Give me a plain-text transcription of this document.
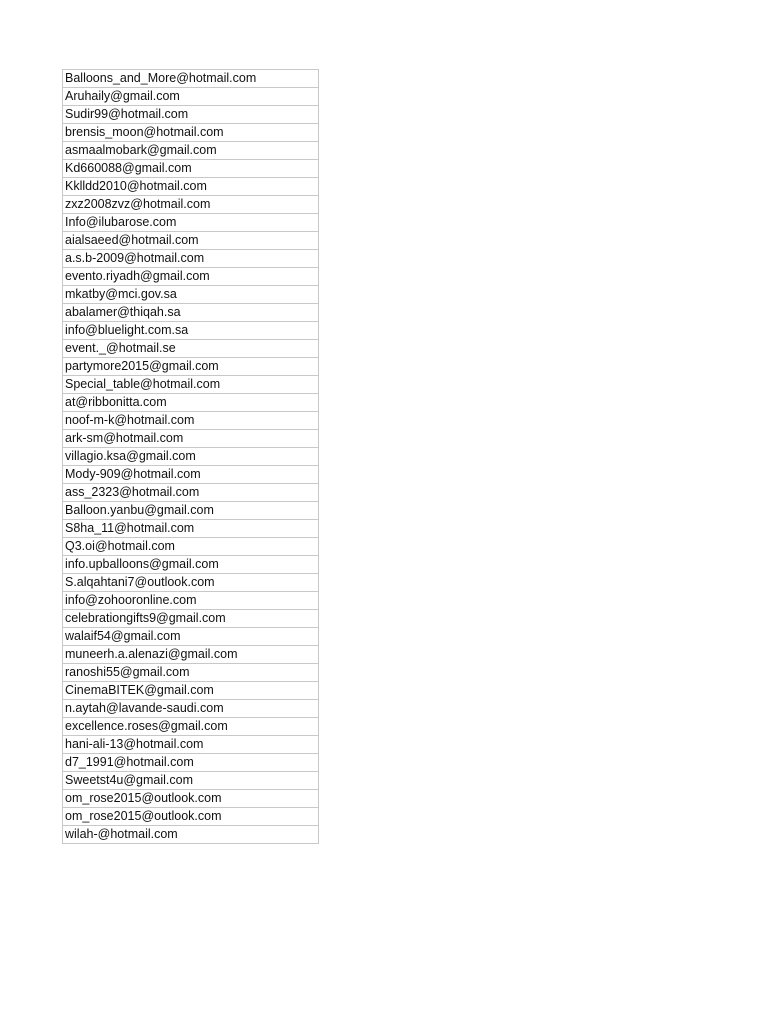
Balloons_and_More@hotmail.com
Aruhaily@gmail.com
Sudir99@hotmail.com
brensis_moon@hotmail.com
asmaalmobark@gmail.com
Kd660088@gmail.com
Kklldd2010@hotmail.com
zxz2008zvz@hotmail.com
Info@ilubarose.com
aialsaeed@hotmail.com
a.s.b-2009@hotmail.com
evento.riyadh@gmail.com
mkatby@mci.gov.sa
abalamer@thiqah.sa
info@bluelight.com.sa
event._@hotmail.se
partymore2015@gmail.com
Special_table@hotmail.com
at@ribbonitta.com
noof-m-k@hotmail.com
ark-sm@hotmail.com
villagio.ksa@gmail.com
Mody-909@hotmail.com
ass_2323@hotmail.com
Balloon.yanbu@gmail.com
S8ha_11@hotmail.com
Q3.oi@hotmail.com
info.upballoons@gmail.com
S.alqahtani7@outlook.com
info@zohooronline.com
celebrationgifts9@gmail.com
walaif54@gmail.com
muneerh.a.alenazi@gmail.com
ranoshi55@gmail.com
CinemaBITEK@gmail.com
n.aytah@lavande-saudi.com
excellence.roses@gmail.com
hani-ali-13@hotmail.com
d7_1991@hotmail.com
Sweetst4u@gmail.com
om_rose2015@outlook.com
om_rose2015@outlook.com
wilah-@hotmail.com
